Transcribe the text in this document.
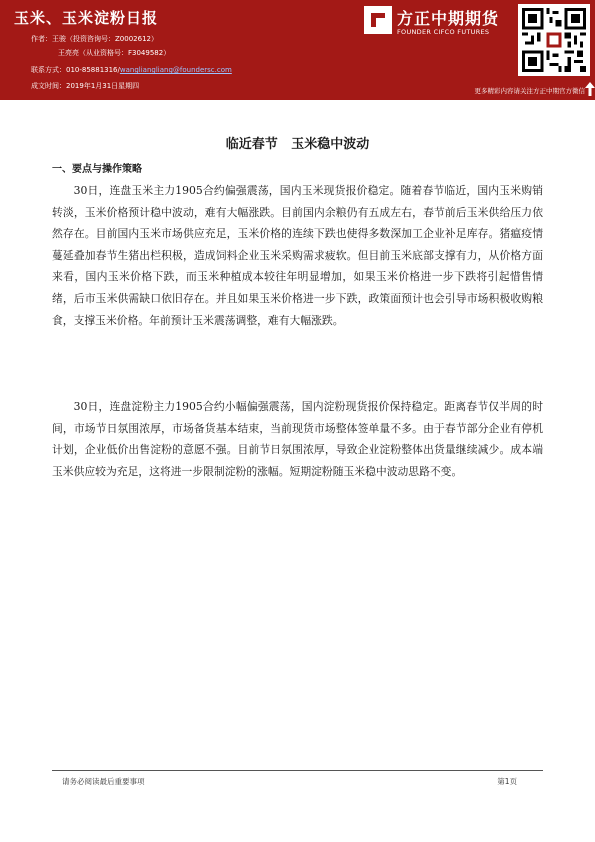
玉米、玉米淀粉日报
作者：王骏（投资咨询号：Z0002612）
王亮亮（从业资格号：F3049582）
联系方式：010-85881316/wangliangliang@foundersc.com
成文时间：2019年1月31日星期四
方正中期期货
FOUNDER CIFCO FUTURES
更多精彩内容请关注方正中期官方微信
临近春节 玉米稳中波动
一、要点与操作策略

30日，连盘玉米主力1905合约偏强震荡，国内玉米现货报价稳定。随着春节临近，国内玉米购销转淡，玉米价格预计稳中波动，难有大幅涨跌。目前国内余粮仍有五成左右，春节前后玉米供给压力依然存在。目前国内玉米市场供应充足，玉米价格的连续下跌也使得多数深加工企业补足库存。猪瘟疫情蔓延叠加春节生猪出栏积极，造成饲料企业玉米采购需求疲软。但目前玉米底部支撑有力，从价格方面来看，国内玉米价格下跌，而玉米种植成本较往年明显增加，如果玉米价格进一步下跌将引起惜售情绪，后市玉米供需缺口依旧存在。并且如果玉米价格进一步下跌，政策面预计也会引导市场积极收购粮食，支撑玉米价格。年前预计玉米震荡调整，难有大幅涨跌。

30日，连盘淀粉主力1905合约小幅偏强震荡，国内淀粉现货报价保持稳定。距离春节仅半周的时间，市场节日氛围浓厚，市场备货基本结束，当前现货市场整体签单量不多。由于春节部分企业有停机计划，企业低价出售淀粉的意愿不强。目前节日氛围浓厚，导致企业淀粉整体出货量继续减少。成本端玉米供应较为充足，这将进一步限制淀粉的涨幅。短期淀粉随玉米稳中波动思路不变。

请务必阅读最后重要事项	第1页
